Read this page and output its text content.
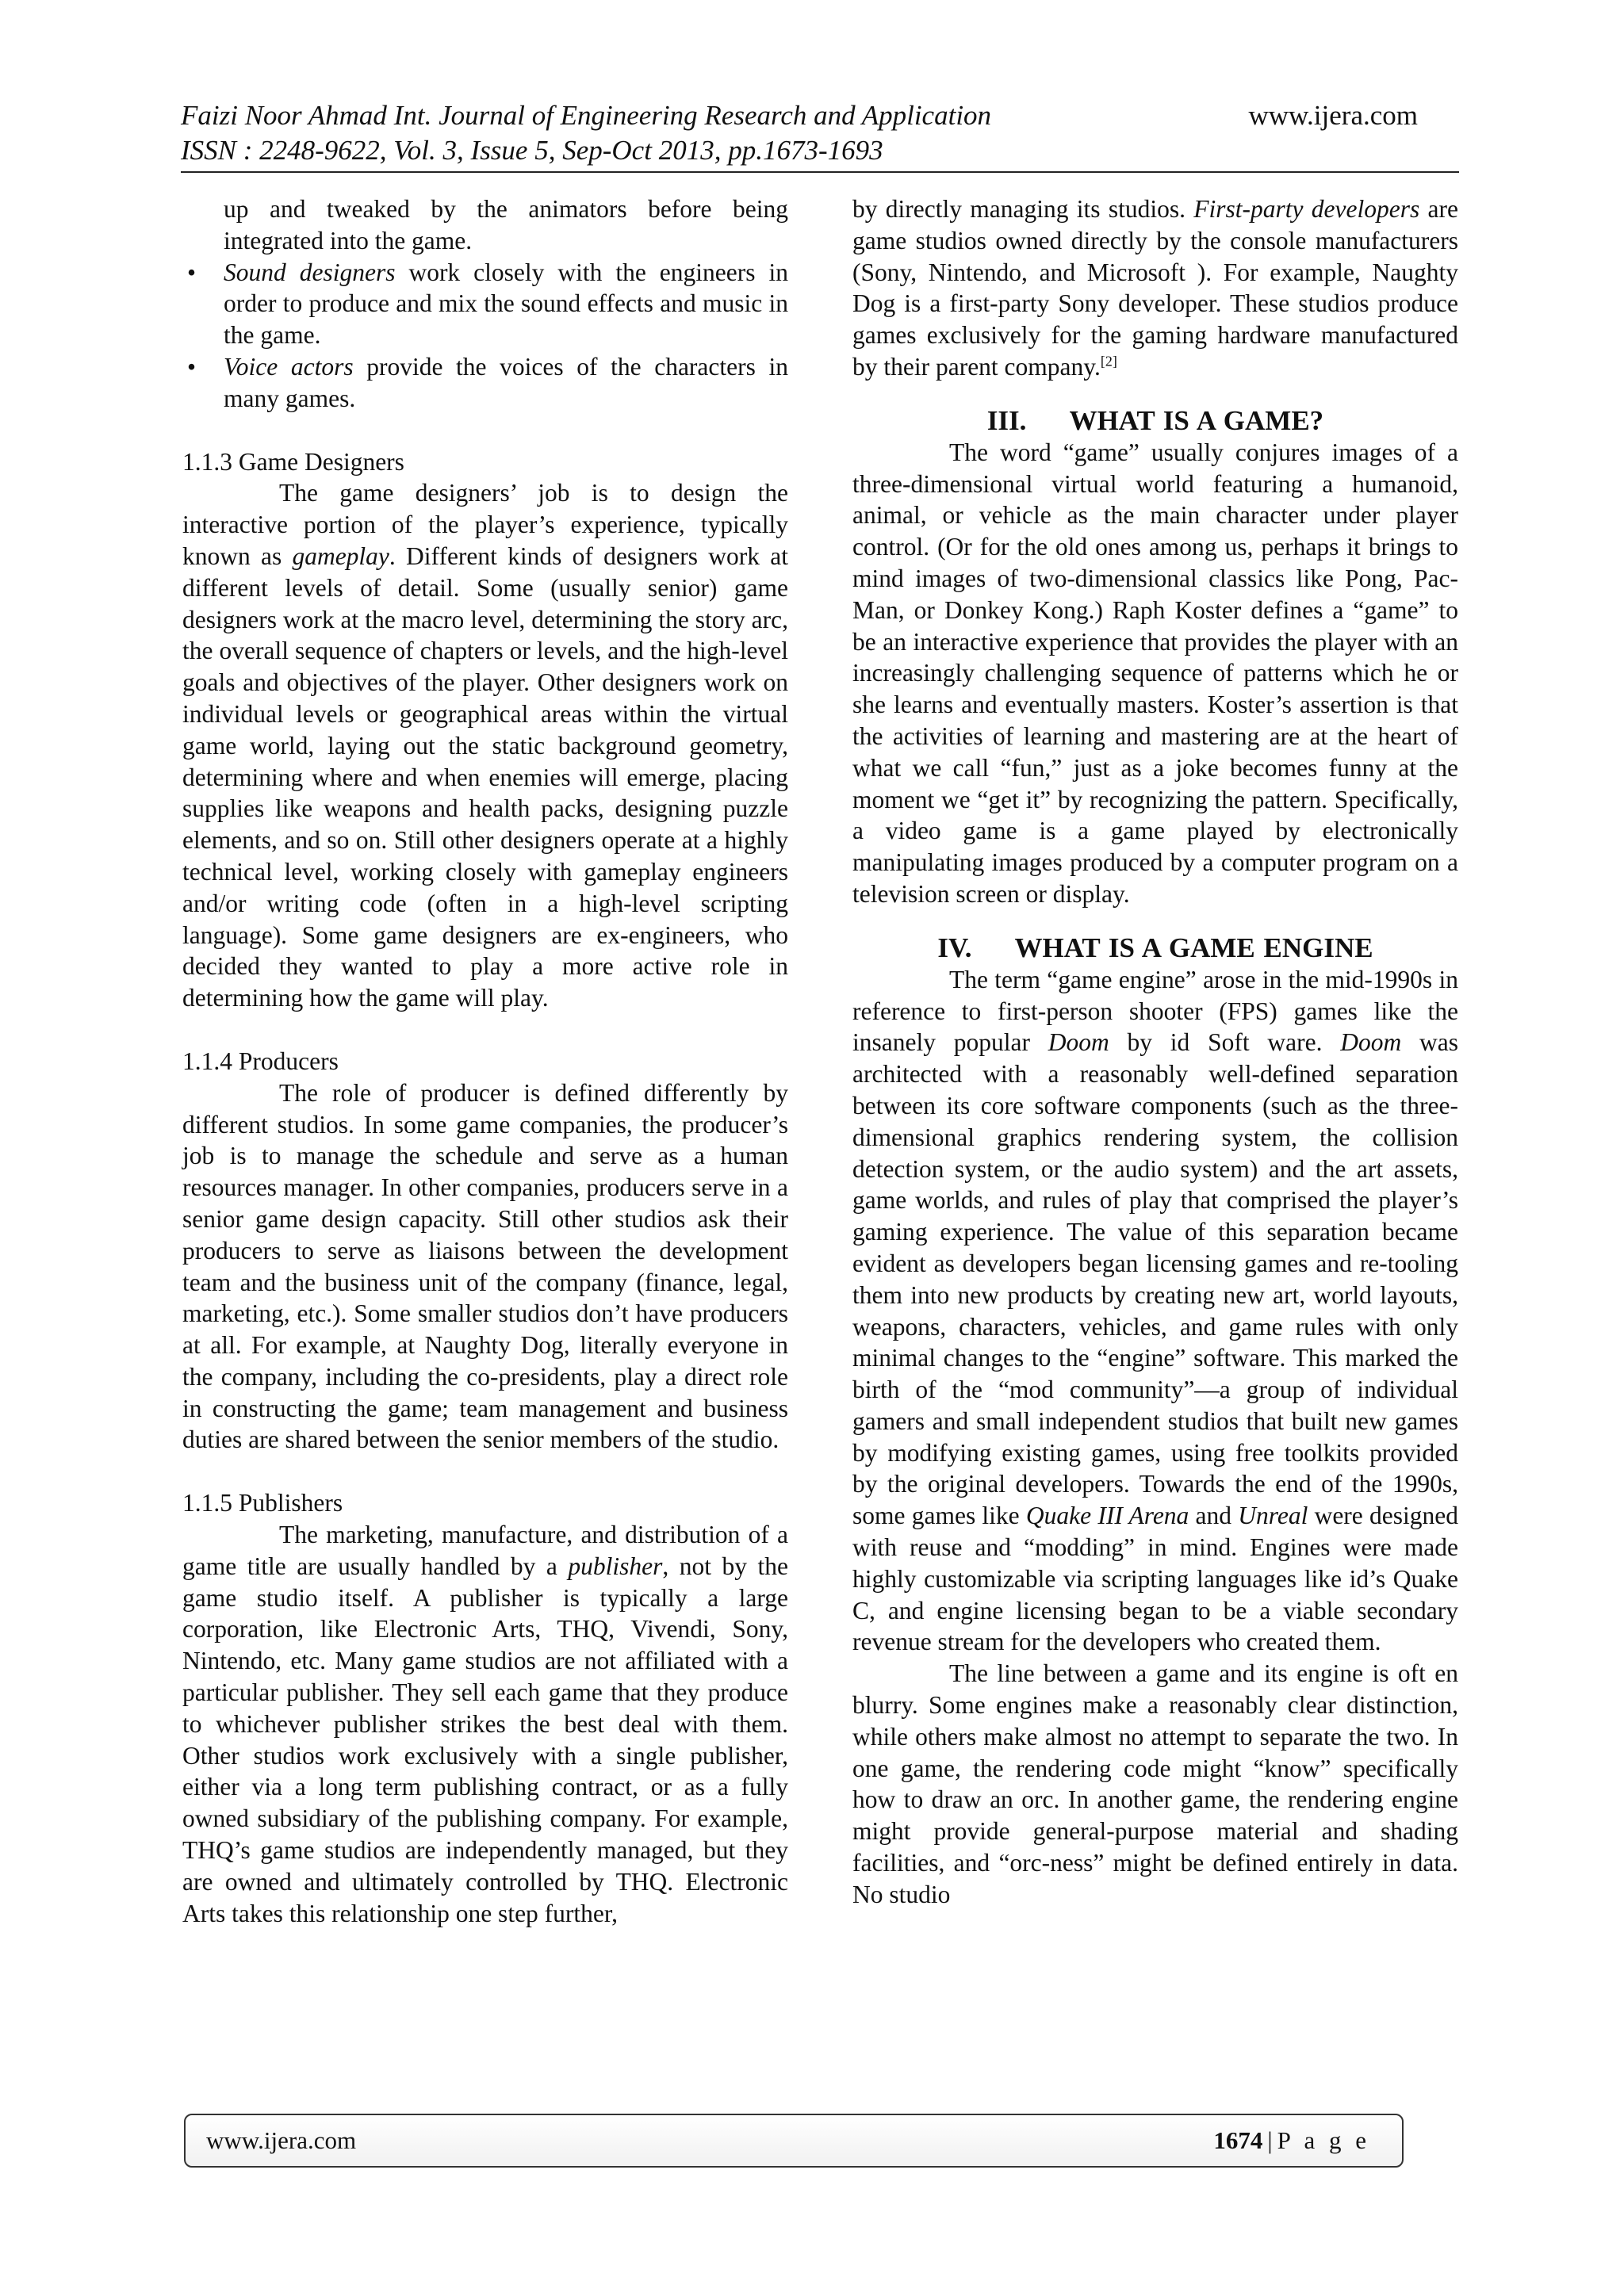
Faizi Noor Ahmad Int. Journal of Engineering Research and Application	www.ijera.com
ISSN : 2248-9622, Vol. 3, Issue 5, Sep-Oct 2013, pp.1673-1693

up and tweaked by the animators before being integrated into the game.

• Sound designers work closely with the engineers in order to produce and mix the sound effects and music in the game.

• Voice actors provide the voices of the characters in many games.

1.1.3 Game Designers

The game designers’ job is to design the interactive portion of the player’s experience, typically known as gameplay. Different kinds of designers work at different levels of detail. Some (usually senior) game designers work at the macro level, determining the story arc, the overall sequence of chapters or levels, and the high-level goals and objectives of the player. Other designers work on individual levels or geographical areas within the virtual game world, laying out the static background geometry, determining where and when enemies will emerge, placing supplies like weapons and health packs, designing puzzle elements, and so on. Still other designers operate at a highly technical level, working closely with gameplay engineers and/or writing code (often in a high-level scripting language). Some game designers are ex-engineers, who decided they wanted to play a more active role in determining how the game will play.

1.1.4 Producers

The role of producer is defined differently by different studios. In some game companies, the producer’s job is to manage the schedule and serve as a human resources manager. In other companies, producers serve in a senior game design capacity. Still other studios ask their producers to serve as liaisons between the development team and the business unit of the company (finance, legal, marketing, etc.). Some smaller studios don’t have producers at all. For example, at Naughty Dog, literally everyone in the company, including the co-presidents, play a direct role in constructing the game; team management and business duties are shared between the senior members of the studio.

1.1.5 Publishers

The marketing, manufacture, and distribution of a game title are usually handled by a publisher, not by the game studio itself. A publisher is typically a large corporation, like Electronic Arts, THQ, Vivendi, Sony, Nintendo, etc. Many game studios are not affiliated with a particular publisher. They sell each game that they produce to whichever publisher strikes the best deal with them. Other studios work exclusively with a single publisher, either via a long term publishing contract, or as a fully owned subsidiary of the publishing company. For example, THQ’s game studios are independently managed, but they are owned and ultimately controlled by THQ. Electronic Arts takes this relationship one step further,

by directly managing its studios. First-party developers are game studios owned directly by the console manufacturers (Sony, Nintendo, and Microsoft ). For example, Naughty Dog is a first-party Sony developer. These studios produce games exclusively for the gaming hardware manufactured by their parent company.[2]

III. WHAT IS A GAME?

The word “game” usually conjures images of a three-dimensional virtual world featuring a humanoid, animal, or vehicle as the main character under player control. (Or for the old ones among us, perhaps it brings to mind images of two-dimensional classics like Pong, Pac-Man, or Donkey Kong.) Raph Koster defines a “game” to be an interactive experience that provides the player with an increasingly challenging sequence of patterns which he or she learns and eventually masters. Koster’s assertion is that the activities of learning and mastering are at the heart of what we call “fun,” just as a joke becomes funny at the moment we “get it” by recognizing the pattern. Specifically, a video game is a game played by electronically manipulating images produced by a computer program on a television screen or display.

IV. WHAT IS A GAME ENGINE

The term “game engine” arose in the mid-1990s in reference to first-person shooter (FPS) games like the insanely popular Doom by id Soft ware. Doom was architected with a reasonably well-defined separation between its core software components (such as the three-dimensional graphics rendering system, the collision detection system, or the audio system) and the art assets, game worlds, and rules of play that comprised the player’s gaming experience. The value of this separation became evident as developers began licensing games and re-tooling them into new products by creating new art, world layouts, weapons, characters, vehicles, and game rules with only minimal changes to the “engine” software. This marked the birth of the “mod community”—a group of individual gamers and small independent studios that built new games by modifying existing games, using free toolkits provided by the original developers. Towards the end of the 1990s, some games like Quake III Arena and Unreal were designed with reuse and “modding” in mind. Engines were made highly customizable via scripting languages like id’s Quake C, and engine licensing began to be a viable secondary revenue stream for the developers who created them.

The line between a game and its engine is oft en blurry. Some engines make a reasonably clear distinction, while others make almost no attempt to separate the two. In one game, the rendering code might “know” specifically how to draw an orc. In another game, the rendering engine might provide general-purpose material and shading facilities, and “orc-ness” might be defined entirely in data. No studio

www.ijera.com	1674 | P a g e
